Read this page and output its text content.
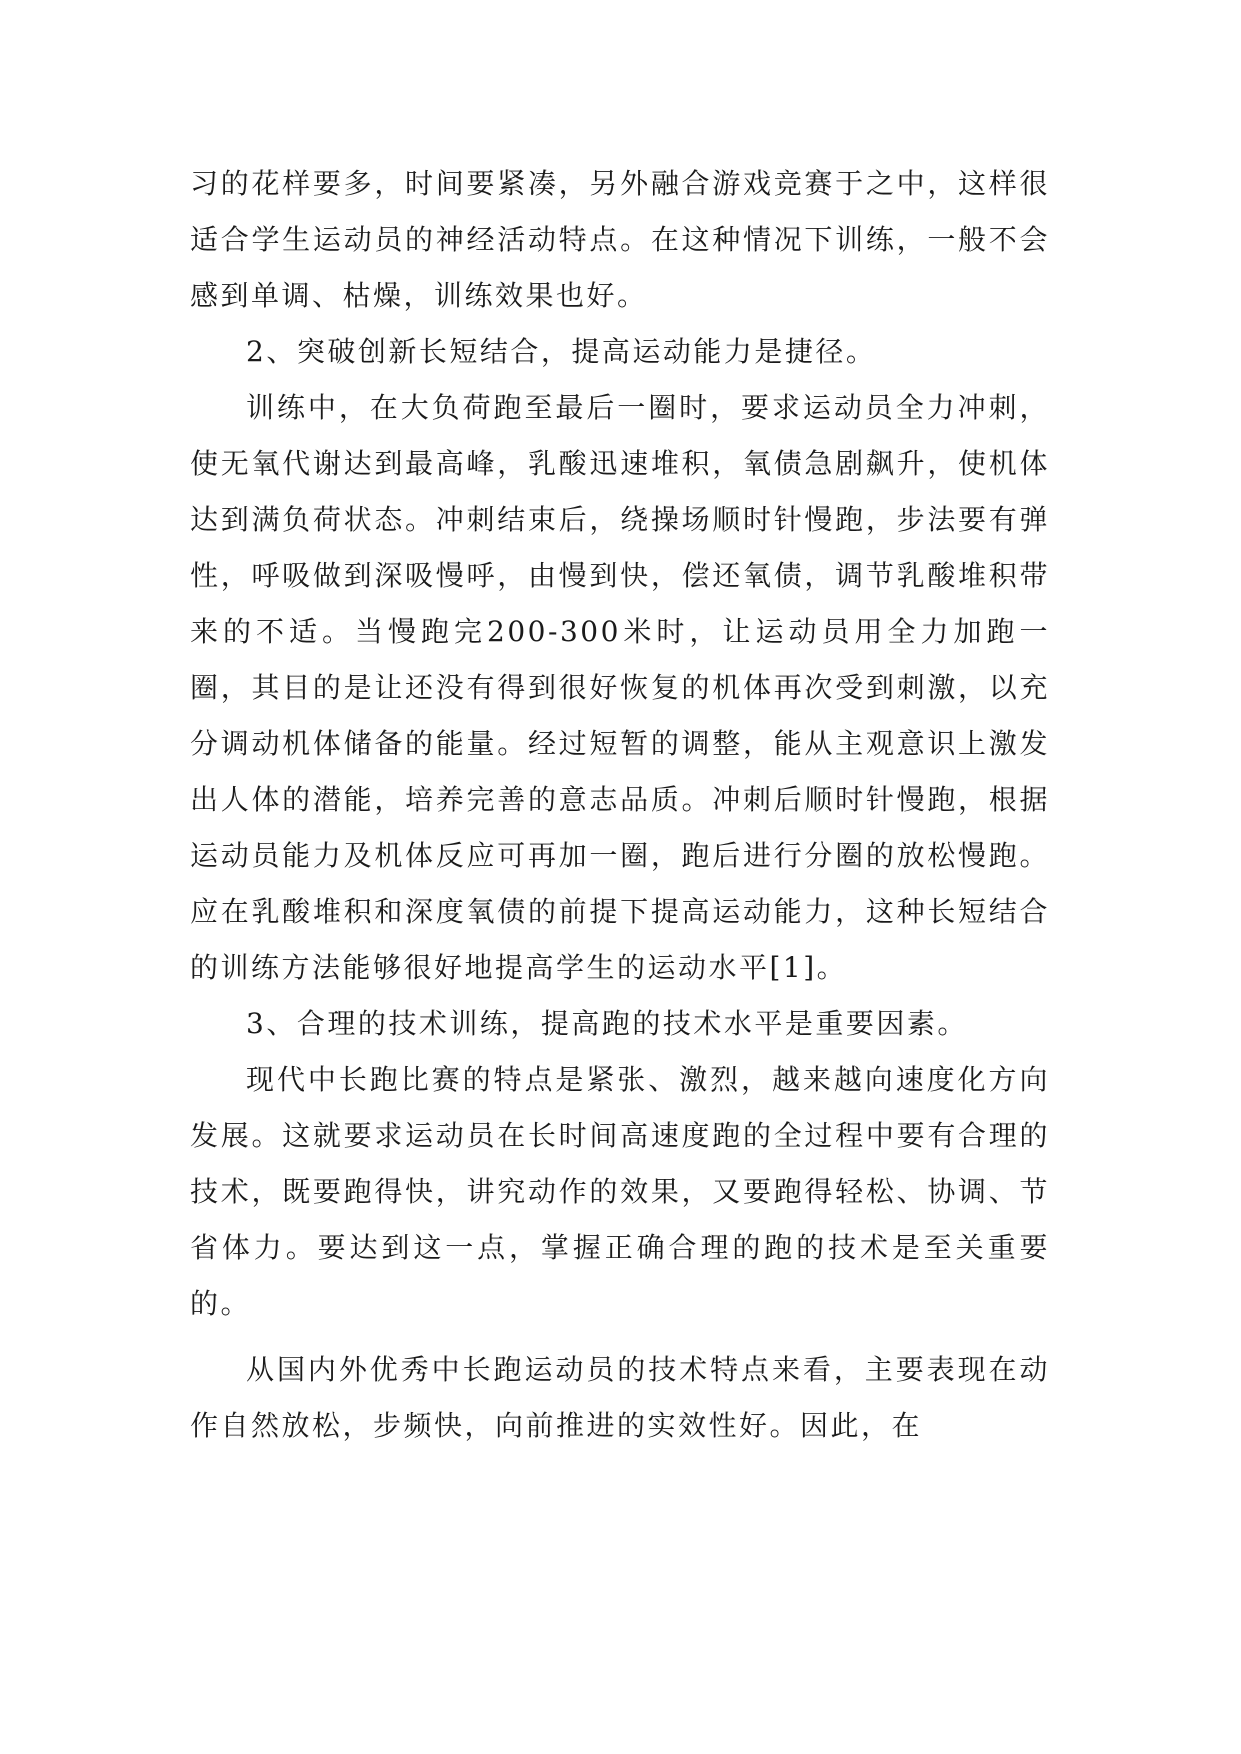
习的花样要多，时间要紧凑，另外融合游戏竞赛于之中，这样很适合学生运动员的神经活动特点。在这种情况下训练，一般不会感到单调、枯燥，训练效果也好。

2、突破创新长短结合，提高运动能力是捷径。

训练中，在大负荷跑至最后一圈时，要求运动员全力冲刺，使无氧代谢达到最高峰，乳酸迅速堆积，氧债急剧飙升，使机体达到满负荷状态。冲刺结束后，绕操场顺时针慢跑，步法要有弹性，呼吸做到深吸慢呼，由慢到快，偿还氧债，调节乳酸堆积带来的不适。当慢跑完200-300米时，让运动员用全力加跑一圈，其目的是让还没有得到很好恢复的机体再次受到刺激，以充分调动机体储备的能量。经过短暂的调整，能从主观意识上激发出人体的潜能，培养完善的意志品质。冲刺后顺时针慢跑，根据运动员能力及机体反应可再加一圈，跑后进行分圈的放松慢跑。应在乳酸堆积和深度氧债的前提下提高运动能力，这种长短结合的训练方法能够很好地提高学生的运动水平[1]。

3、合理的技术训练，提高跑的技术水平是重要因素。

现代中长跑比赛的特点是紧张、激烈，越来越向速度化方向发展。这就要求运动员在长时间高速度跑的全过程中要有合理的技术，既要跑得快，讲究动作的效果，又要跑得轻松、协调、节省体力。要达到这一点，掌握正确合理的跑的技术是至关重要的。

从国内外优秀中长跑运动员的技术特点来看，主要表现在动作自然放松，步频快，向前推进的实效性好。因此，在
